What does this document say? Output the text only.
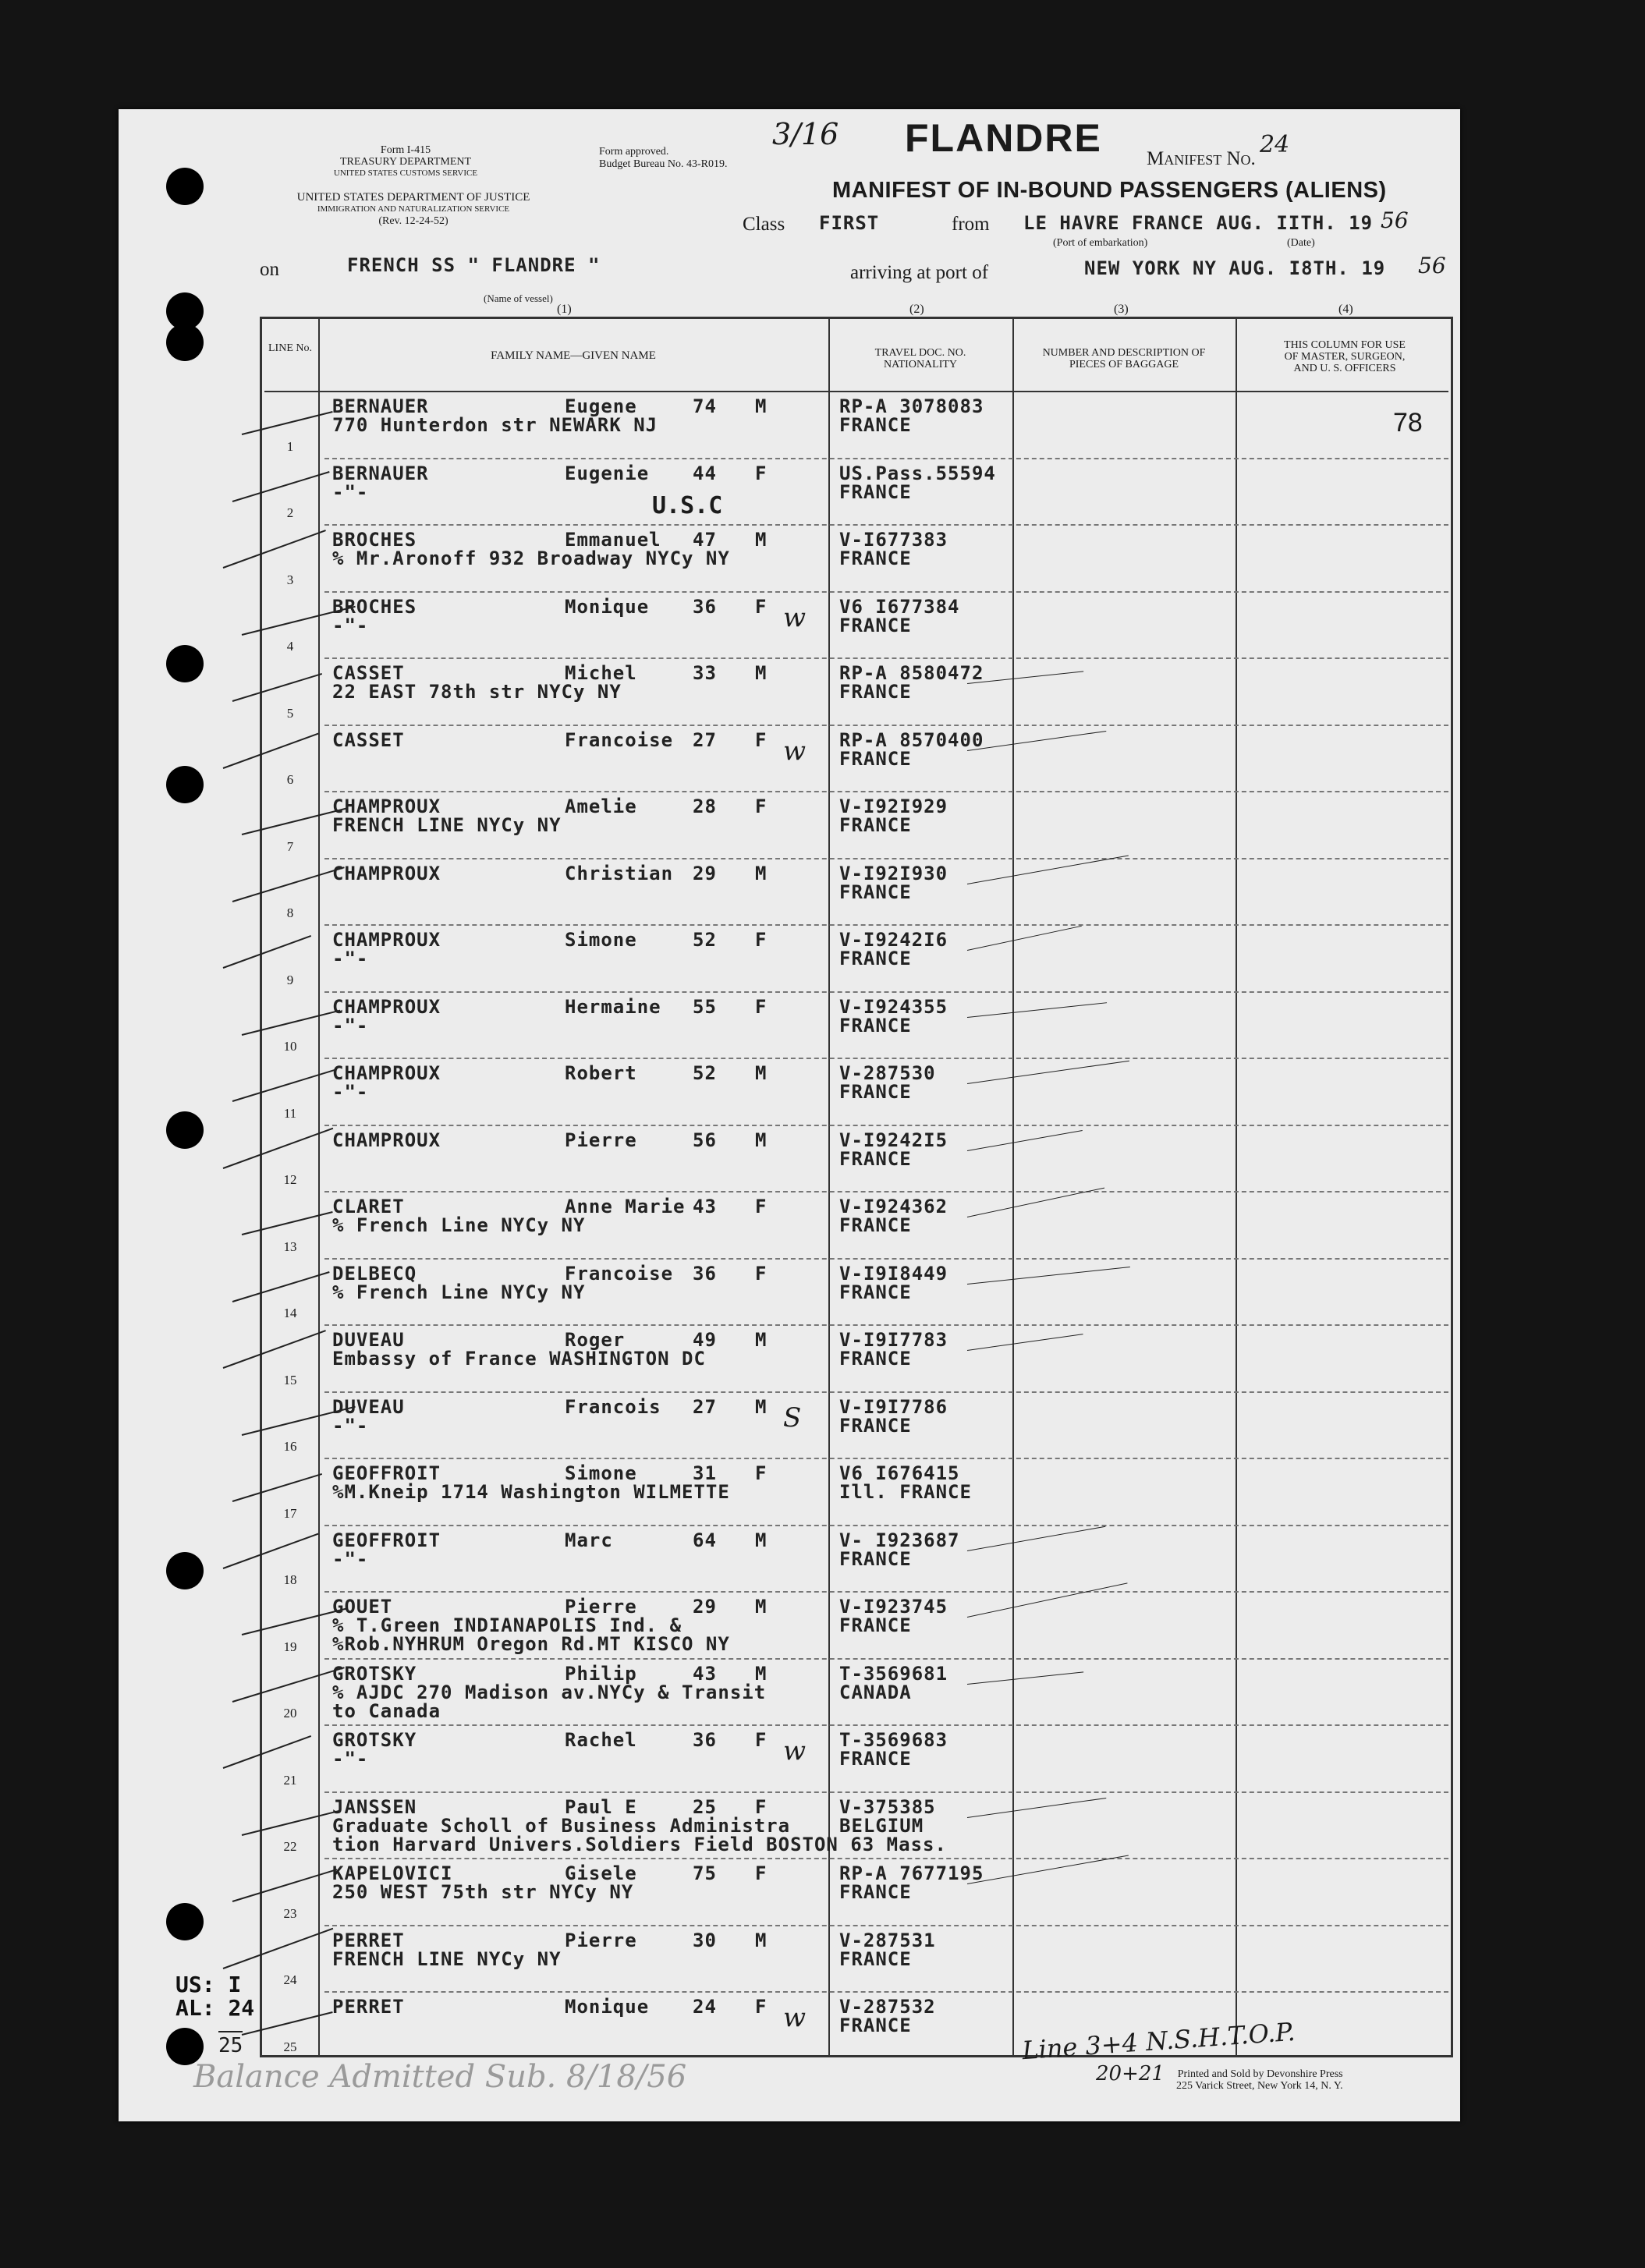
Form I-415
TREASURY DEPARTMENT
UNITED STATES CUSTOMS SERVICE
UNITED STATES DEPARTMENT OF JUSTICE
IMMIGRATION AND NATURALIZATION SERVICE
(Rev. 12-24-52)
Form approved.
Budget Bureau No. 43-R019.
3/16 FLANDRE Manifest No.
24
MANIFEST OF IN-BOUND PASSENGERS (ALIENS)
Class FIRST	from LE HAVRE FRANCE AUG. IITH. 19 56
(Port of embarkation)	(Date)
on	FRENCH SS " FLANDRE "
(Name of vessel)
arriving at port of	NEW YORK NY AUG. I8TH. 19 56
(1)	(2)	(3)	(4)
LINE No.
FAMILY NAME—GIVEN NAME	TRAVEL DOC. NO.
NATIONALITY
NUMBER AND DESCRIPTION OF
PIECES OF BAGGAGE
THIS COLUMN FOR USE
OF MASTER, SURGEON,
AND U. S. OFFICERS
1
BERNAUER	Eugene	74 M
770 Hunterdon str NEWARK NJ
RP-A 3078083
FRANCE	78
2
BERNAUER	Eugenie 44 F
-"-
US.Pass.55594
FRANCE
U.S.C
3
BROCHES	Emmanuel 47 M
% Mr.Aronoff 932 Broadway NYCy NY
V-I677383
FRANCE
4
BROCHES	Monique 36 F
-"-
V6 I677384
FRANCE
w
5
CASSET	Michel	33 M
22 EAST 78th str NYCy NY
RP-A 8580472
FRANCE
6
CASSET	Francoise 27 F	RP-A 8570400
FRANCE
w
7
CHAMPROUX	Amelie	28 F
FRENCH LINE NYCy NY
V-I92I929
FRANCE
8
CHAMPROUX	Christian 29 M	V-I92I930
FRANCE
9
CHAMPROUX	Simone	52 F
-"-
V-I9242I6
FRANCE
10
CHAMPROUX	Hermaine 55 F
-"-
V-I924355
FRANCE
11
CHAMPROUX	Robert	52 M
-"-
V-287530
FRANCE
12
CHAMPROUX	Pierre	56 M	V-I9242I5
FRANCE
13
CLARET	Anne Marie 43 F
% French Line NYCy NY
V-I924362
FRANCE
14
DELBECQ	Francoise 36 F
% French Line NYCy NY
V-I9I8449
FRANCE
15
DUVEAU	Roger	49 M
Embassy of France WASHINGTON DC
V-I9I7783
FRANCE
16
DUVEAU	Francois 27 M
-"-
V-I9I7786
FRANCE
S
17
GEOFFROIT	Simone	31 F
%M.Kneip 1714 Washington WILMETTE
V6 I676415
Ill. FRANCE
18
GEOFFROIT	Marc	64 M
-"-
V- I923687
FRANCE
19
GOUET	Pierre	29 M
% T.Green INDIANAPOLIS Ind. &
%Rob.NYHRUM Oregon Rd.MT KISCO NY
V-I923745
FRANCE
20
GROTSKY	Philip	43 M
% AJDC 270 Madison av.NYCy & Transit
to Canada
T-3569681
CANADA
21
GROTSKY	Rachel	36 F
-"-
T-3569683
FRANCE
w
22
JANSSEN	Paul E	25 F
Graduate Scholl of Business Administra
tion Harvard Univers.Soldiers Field BOSTON 63 Mass.
V-375385
BELGIUM
23
KAPELOVICI	Gisele	75 F
250 WEST 75th str NYCy NY
RP-A 7677195
FRANCE
24
PERRET	Pierre	30 M
FRENCH LINE NYCy NY
V-287531
FRANCE
25
PERRET	Monique 24 F	V-287532
FRANCE
w
US: I
AL: 24
25	Line 3+4 N.S.H.T.O.P.
20+21
Balance Admitted Sub. 8/18/56	Printed and Sold by Devonshire Press
225 Varick Street, New York 14, N. Y.
